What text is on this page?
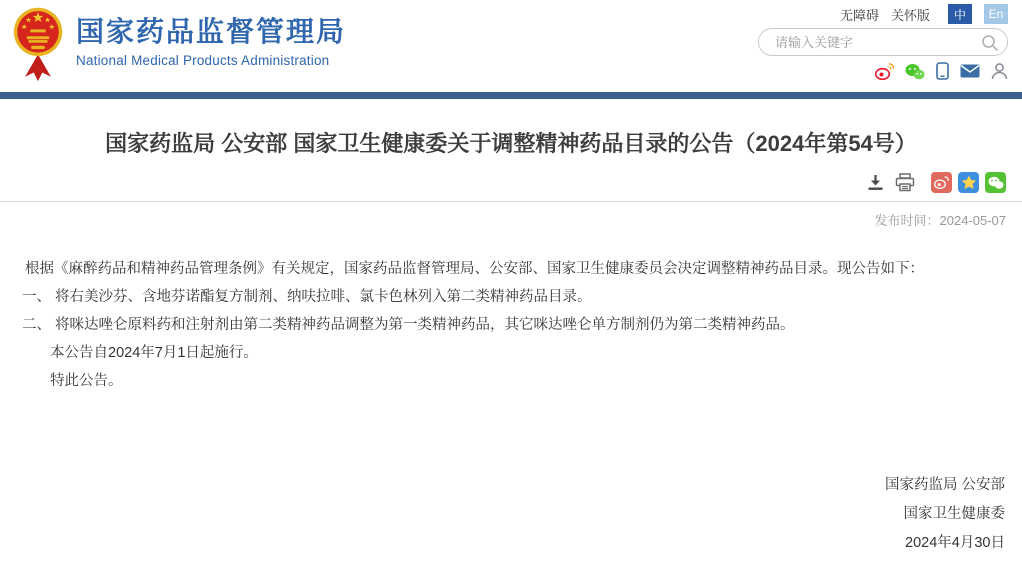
国家药品监督管理局
National Medical Products Administration
无障碍 关怀版	中	En
请输入关键字
国家药监局 公安部 国家卫生健康委关于调整精神药品目录的公告（2024年第54号）
发布时间：2024-05-07

根据《麻醉药品和精神药品管理条例》有关规定，国家药品监督管理局、公安部、国家卫生健康委员会决定调整精神药品目录。现公告如下：

一、 将右美沙芬、含地芬诺酯复方制剂、纳呋拉啡、氯卡色林列入第二类精神药品目录。

二、 将咪达唑仑原料药和注射剂由第二类精神药品调整为第一类精神药品，其它咪达唑仑单方制剂仍为第二类精神药品。

本公告自2024年7月1日起施行。

特此公告。

国家药监局 公安部
国家卫生健康委
2024年4月30日
